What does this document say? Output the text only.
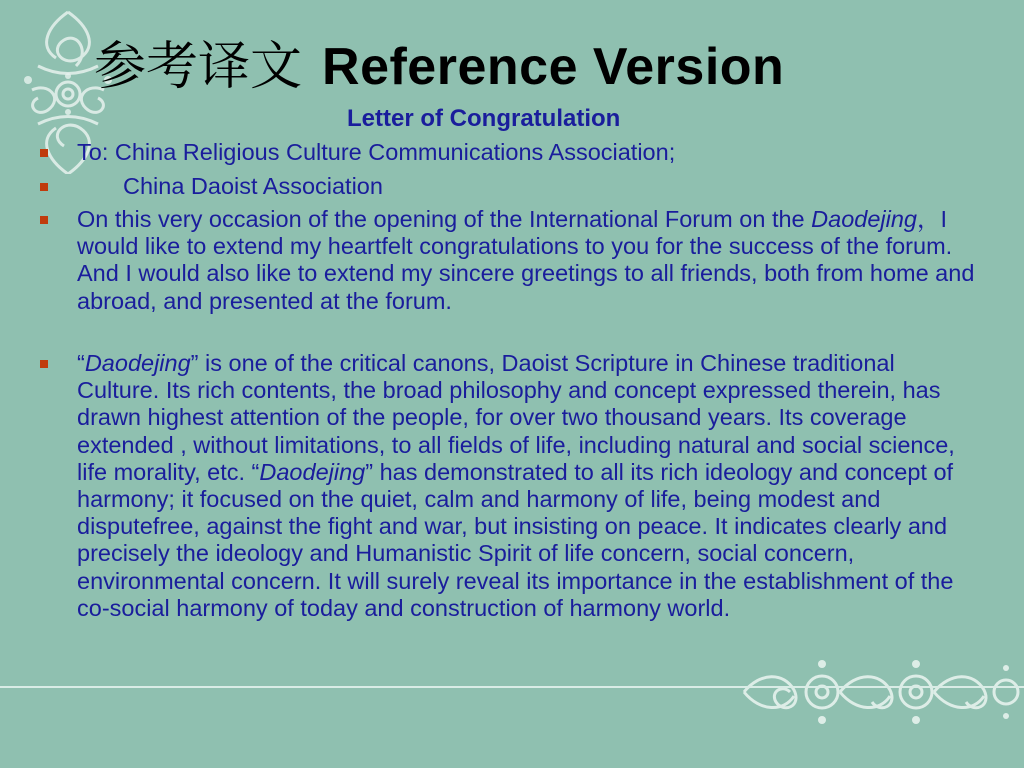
参考译文 Reference Version
Letter of Congratulation
To: China Religious Culture Communications Association;
China Daoist Association
On this very occasion of the opening of the International Forum on the Daodejing，I would like to extend my heartfelt congratulations to you for the success of the forum. And I would also like to extend my sincere greetings to all friends, both from home and abroad, and presented at the forum.
“Daodejing” is one of the critical canons, Daoist Scripture in Chinese traditional Culture. Its rich contents, the broad philosophy and concept expressed therein, has drawn highest attention of the people, for over two thousand years. Its coverage extended , without limitations, to all fields of life, including natural and social science, life morality, etc. “Daodejing” has demonstrated to all its rich ideology and concept of harmony; it focused on the quiet, calm and harmony of life, being modest and disputefree, against the fight and war, but insisting on peace. It indicates clearly and precisely the ideology and Humanistic Spirit of life concern, social concern, environmental concern. It will surely reveal its importance in the establishment of the co-social harmony of today and construction of harmony world.
